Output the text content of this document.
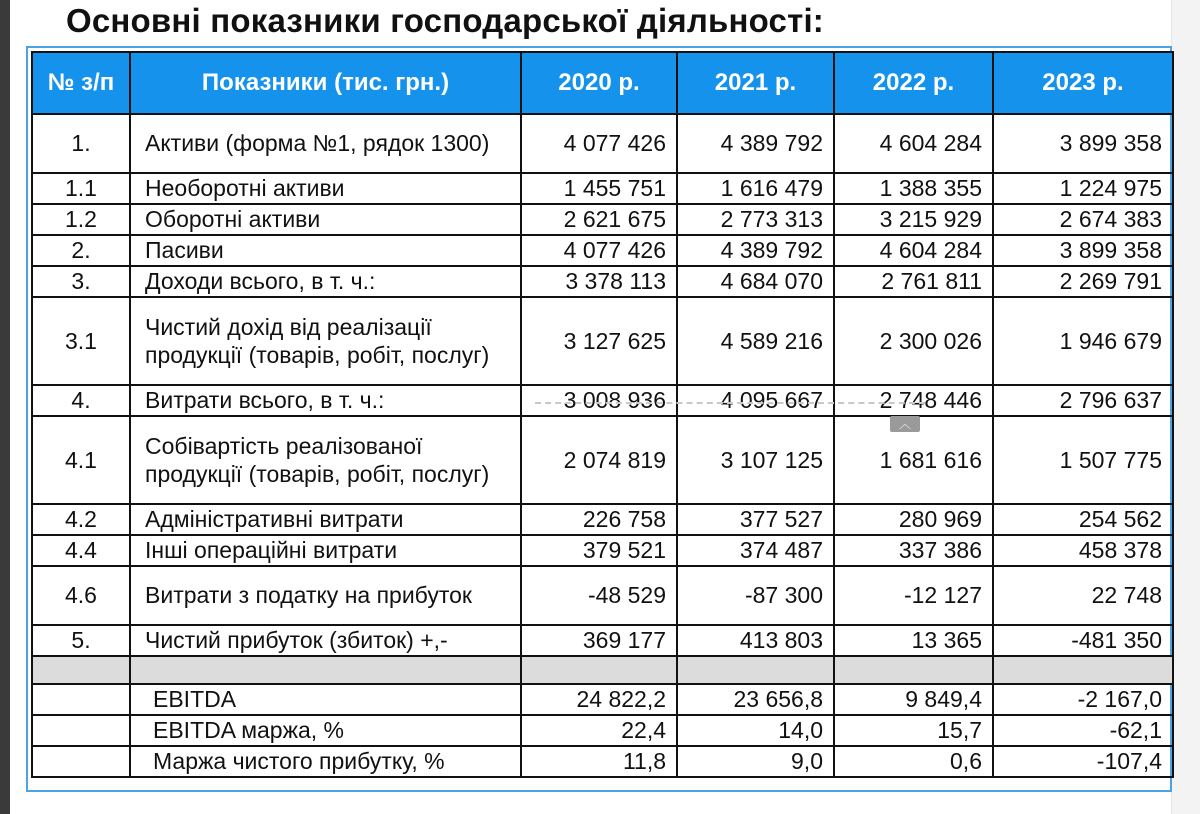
Основні показники господарської діяльності:
№ з/п	Показники (тис. грн.)	2020 р.	2021 р.	2022 р.	2023 р.
1.	Активи (форма №1, рядок 1300)	4 077 426	4 389 792	4 604 284	3 899 358
1.1	Необоротні активи	1 455 751	1 616 479	1 388 355	1 224 975
1.2	Оборотні активи	2 621 675	2 773 313	3 215 929	2 674 383
2.	Пасиви	4 077 426	4 389 792	4 604 284	3 899 358
3.	Доходи всього, в т. ч.:	3 378 113	4 684 070	2 761 811	2 269 791
3.1	Чистий дохід від реалізації продукції (товарів, робіт, послуг)	3 127 625	4 589 216	2 300 026	1 946 679
4.	Витрати всього, в т. ч.:	3 008 936	4 095 667	2 748 446	2 796 637
4.1	Собівартість реалізованої продукції (товарів, робіт, послуг)	2 074 819	3 107 125	1 681 616	1 507 775
4.2	Адміністративні витрати	226 758	377 527	280 969	254 562
4.4	Інші операційні витрати	379 521	374 487	337 386	458 378
4.6	Витрати з податку на прибуток	-48 529	-87 300	-12 127	22 748
5.	Чистий прибуток (збиток) +,-	369 177	413 803	13 365	-481 350

	EBITDA	24 822,2	23 656,8	9 849,4	-2 167,0
	EBITDA маржа, %	22,4	14,0	15,7	-62,1
	Маржа чистого прибутку, %	11,8	9,0	0,6	-107,4
︿
